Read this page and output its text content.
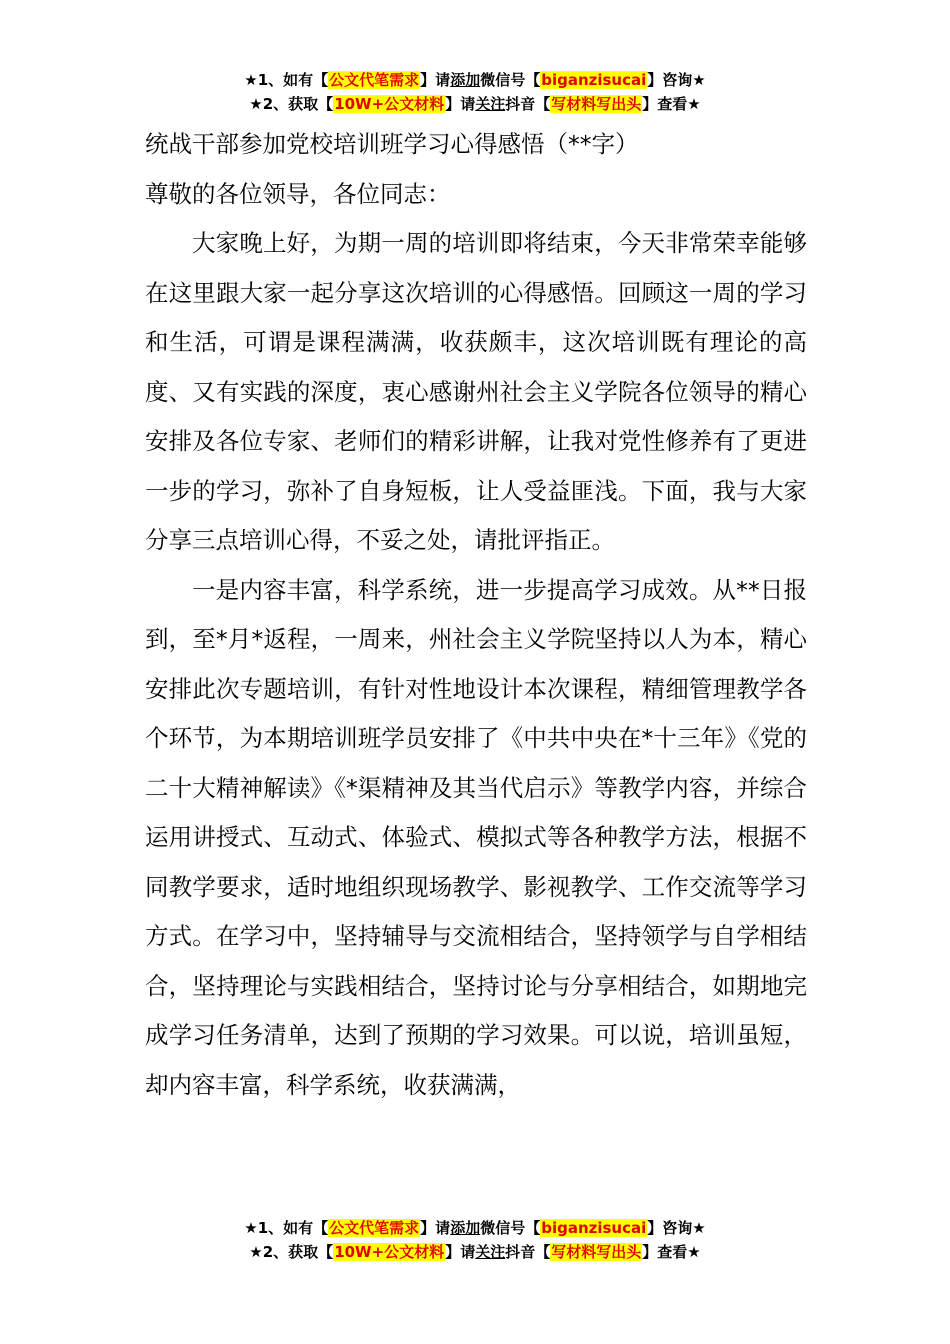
★1、如有【公文代笔需求】请添加微信号【biganzisucai】咨询★
★2、获取【10W+公文材料】请关注抖音【写材料写出头】查看★

统战干部参加党校培训班学习心得感悟（**字）

尊敬的各位领导，各位同志：

大家晚上好，为期一周的培训即将结束，今天非常荣幸能够在这里跟大家一起分享这次培训的心得感悟。回顾这一周的学习和生活，可谓是课程满满，收获颇丰，这次培训既有理论的高度、又有实践的深度，衷心感谢州社会主义学院各位领导的精心安排及各位专家、老师们的精彩讲解，让我对党性修养有了更进一步的学习，弥补了自身短板，让人受益匪浅。下面，我与大家分享三点培训心得，不妥之处，请批评指正。

一是内容丰富，科学系统，进一步提高学习成效。从**日报到，至*月*返程，一周来，州社会主义学院坚持以人为本，精心安排此次专题培训，有针对性地设计本次课程，精细管理教学各个环节，为本期培训班学员安排了《中共中央在*十三年》《党的二十大精神解读》《*渠精神及其当代启示》等教学内容，并综合运用讲授式、互动式、体验式、模拟式等各种教学方法，根据不同教学要求，适时地组织现场教学、影视教学、工作交流等学习方式。在学习中，坚持辅导与交流相结合，坚持领学与自学相结合，坚持理论与实践相结合，坚持讨论与分享相结合，如期地完成学习任务清单，达到了预期的学习效果。可以说，培训虽短，却内容丰富，科学系统，收获满满，

★1、如有【公文代笔需求】请添加微信号【biganzisucai】咨询★
★2、获取【10W+公文材料】请关注抖音【写材料写出头】查看★
